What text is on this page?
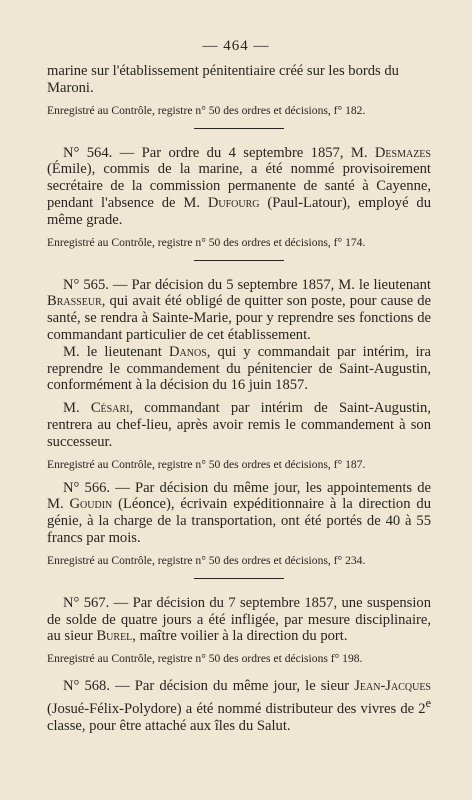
— 464 —

marine sur l'établissement pénitentiaire créé sur les bords du
Maroni.

Enregistré au Contrôle, registre n° 50 des ordres et décisions, f° 182.

N° 564. — Par ordre du 4 septembre 1857, M. Desmazes (Émile), commis de la marine, a été nommé provisoirement secrétaire de la commission permanente de santé à Cayenne, pendant l'absence de M. Dufourg (Paul-Latour), employé du même grade.

Enregistré au Contrôle, registre n° 50 des ordres et décisions, f° 174.

N° 565. — Par décision du 5 septembre 1857, M. le lieutenant Brasseur, qui avait été obligé de quitter son poste, pour cause de santé, se rendra à Sainte-Marie, pour y reprendre ses fonctions de commandant particulier de cet établissement.

M. le lieutenant Danos, qui y commandait par intérim, ira reprendre le commandement du pénitencier de Saint-Augustin, conformément à la décision du 16 juin 1857.

M. Césari, commandant par intérim de Saint-Augustin, rentrera au chef-lieu, après avoir remis le commandement à son successeur.

Enregistré au Contrôle, registre n° 50 des ordres et décisions, f° 187.

N° 566. — Par décision du même jour, les appointements de M. Goudin (Léonce), écrivain expéditionnaire à la direction du génie, à la charge de la transportation, ont été portés de 40 à 55 francs par mois.

Enregistré au Contrôle, registre n° 50 des ordres et décisions, f° 234.

N° 567. — Par décision du 7 septembre 1857, une suspension de solde de quatre jours a été infligée, par mesure disciplinaire, au sieur Burel, maître voilier à la direction du port.

Enregistré au Contrôle, registre n° 50 des ordres et décisions f° 198.

N° 568. — Par décision du même jour, le sieur Jean-Jacques (Josué-Félix-Polydore) a été nommé distributeur des vivres de 2e classe, pour être attaché aux îles du Salut.
